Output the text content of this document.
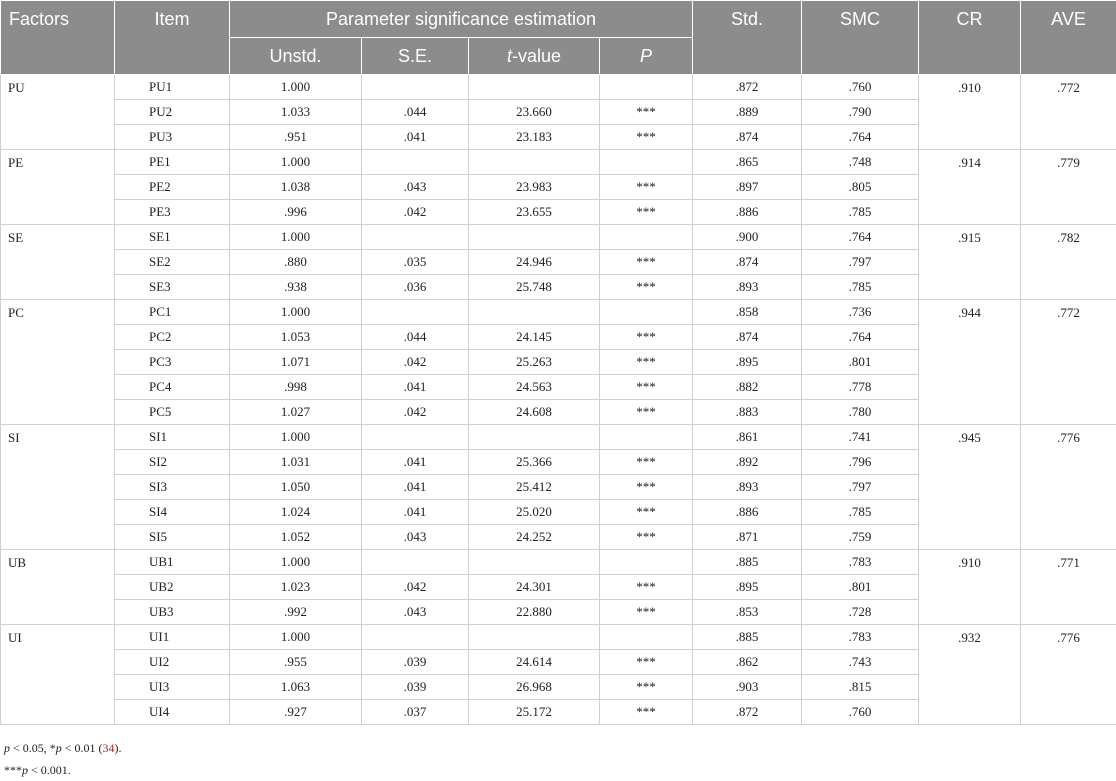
Factors	Item	Parameter significance estimation				Std.	SMC	CR	AVE
		Unstd.	S.E.	t-value	P				
PU	PU1	1.000				.872	.760	.910	.772
	PU2	1.033	.044	23.660	***	.889	.790		
	PU3	.951	.041	23.183	***	.874	.764		
PE	PE1	1.000				.865	.748	.914	.779
	PE2	1.038	.043	23.983	***	.897	.805		
	PE3	.996	.042	23.655	***	.886	.785		
SE	SE1	1.000				.900	.764	.915	.782
	SE2	.880	.035	24.946	***	.874	.797		
	SE3	.938	.036	25.748	***	.893	.785		
PC	PC1	1.000				.858	.736	.944	.772
	PC2	1.053	.044	24.145	***	.874	.764		
	PC3	1.071	.042	25.263	***	.895	.801		
	PC4	.998	.041	24.563	***	.882	.778		
	PC5	1.027	.042	24.608	***	.883	.780		
SI	SI1	1.000				.861	.741	.945	.776
	SI2	1.031	.041	25.366	***	.892	.796		
	SI3	1.050	.041	25.412	***	.893	.797		
	SI4	1.024	.041	25.020	***	.886	.785		
	SI5	1.052	.043	24.252	***	.871	.759		
UB	UB1	1.000				.885	.783	.910	.771
	UB2	1.023	.042	24.301	***	.895	.801		
	UB3	.992	.043	22.880	***	.853	.728		
UI	UI1	1.000				.885	.783	.932	.776
	UI2	.955	.039	24.614	***	.862	.743		
	UI3	1.063	.039	26.968	***	.903	.815		
	UI4	.927	.037	25.172	***	.872	.760		
p < 0.05, *p < 0.01 (34).
***p < 0.001.
